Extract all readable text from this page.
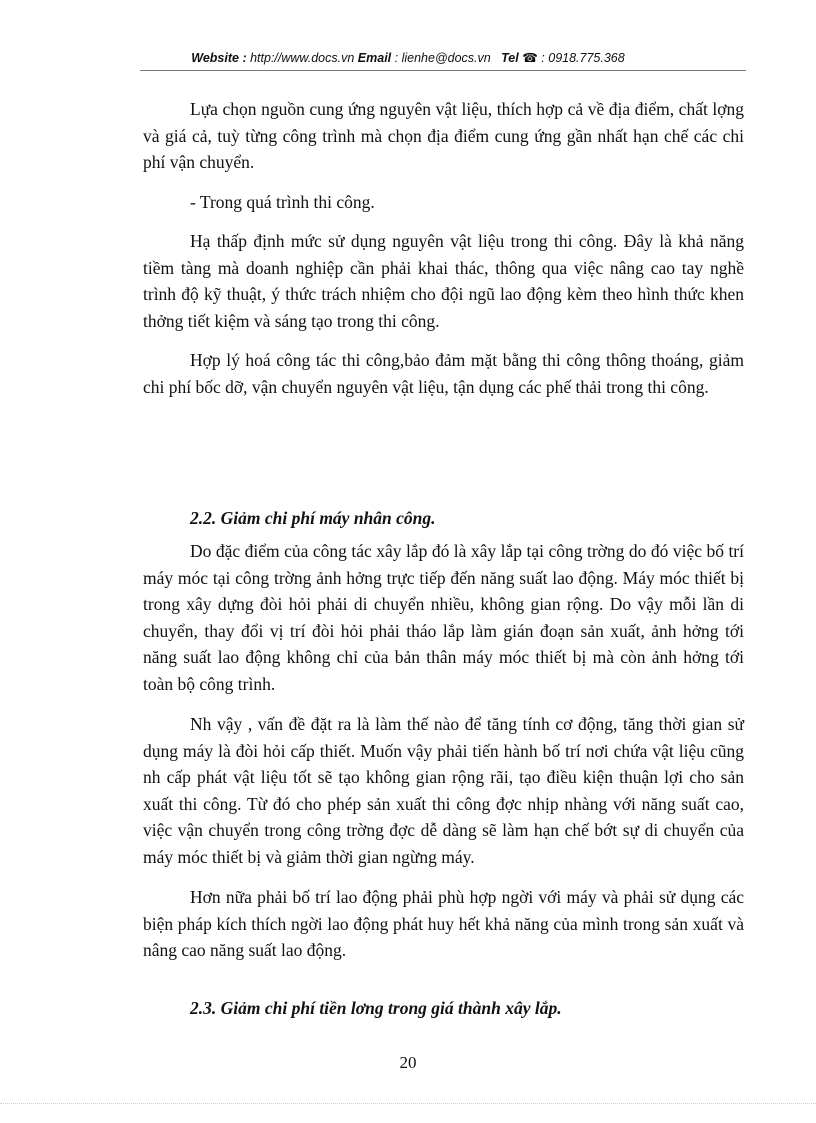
Website : http://www.docs.vn Email : lienhe@docs.vn Tel ☎ : 0918.775.368

Lựa chọn nguồn cung ứng nguyên vật liệu, thích hợp cả về địa điểm, chất lợng và giá cả, tuỳ từng công trình mà chọn địa điểm cung ứng gần nhất hạn chế các chi phí vận chuyển.

- Trong quá trình thi công.

Hạ thấp định mức sử dụng nguyên vật liệu trong thi công. Đây là khả năng tiềm tàng mà doanh nghiệp cần phải khai thác, thông qua việc nâng cao tay nghề trình độ kỹ thuật, ý thức trách nhiệm cho đội ngũ lao động kèm theo hình thức khen thởng tiết kiệm và sáng tạo trong thi công.

Hợp lý hoá công tác thi công,bảo đảm mặt bằng thi công thông thoáng, giảm chi phí bốc dỡ, vận chuyển nguyên vật liệu, tận dụng các phế thải trong thi công.

2.2. Giảm chi phí máy nhân công.

Do đặc điểm của công tác xây lắp đó là xây lắp tại công trờng do đó việc bố trí máy móc tại công trờng ảnh hởng trực tiếp đến năng suất lao động. Máy móc thiết bị trong xây dựng đòi hỏi phải di chuyển nhiều, không gian rộng. Do vậy mỗi lần di chuyển, thay đổi vị trí đòi hỏi phải tháo lắp làm gián đoạn sản xuất, ảnh hởng tới năng suất lao động không chỉ của bản thân máy móc thiết bị mà còn ảnh hởng tới toàn bộ công trình.

Nh vậy , vấn đề đặt ra là làm thế nào để tăng tính cơ động, tăng thời gian sử dụng máy là đòi hỏi cấp thiết. Muốn vậy phải tiến hành bố trí nơi chứa vật liệu cũng nh cấp phát vật liệu tốt sẽ tạo không gian rộng rãi, tạo điều kiện thuận lợi cho sản xuất thi công. Từ đó cho phép sản xuất thi công đợc nhịp nhàng với năng suất cao, việc vận chuyển trong công trờng đợc dễ dàng sẽ làm hạn chế bớt sự di chuyển của máy móc thiết bị và giảm thời gian ngừng máy.

Hơn nữa phải bố trí lao động phải phù hợp ngời với máy và phải sử dụng các biện pháp kích thích ngời lao động phát huy hết khả năng của mình trong sản xuất và nâng cao năng suất lao động.

2.3. Giảm chi phí tiền lơng trong giá thành xây lắp.
20
